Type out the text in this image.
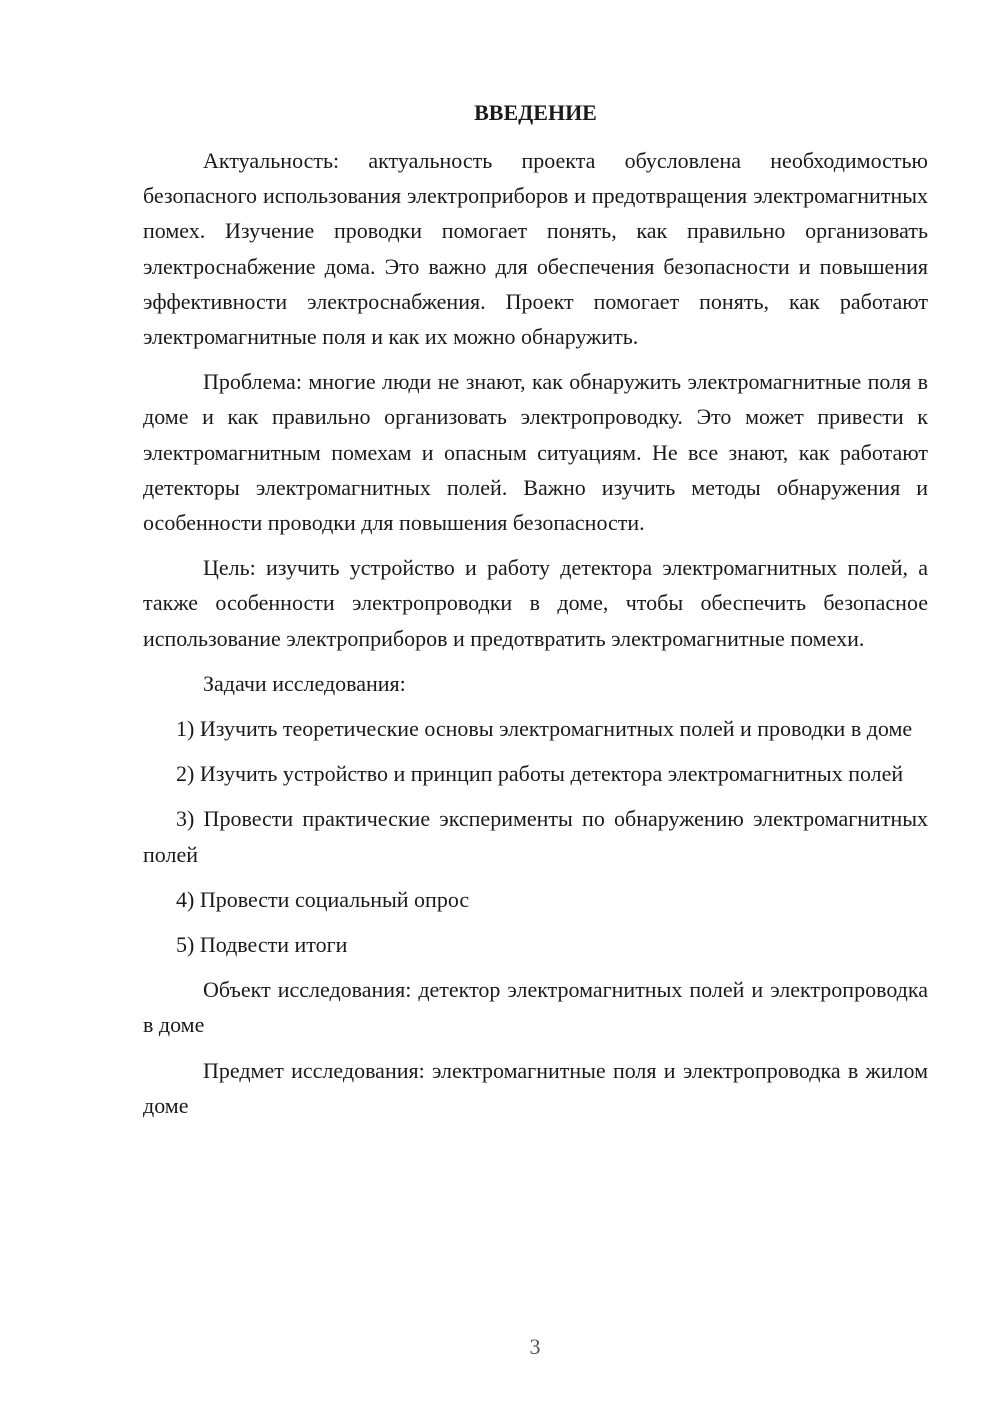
ВВЕДЕНИЕ

Актуальность: актуальность проекта обусловлена необходимостью безопасного использования электроприборов и предотвращения электромагнитных помех. Изучение проводки помогает понять, как правильно организовать электроснабжение дома. Это важно для обеспечения безопасности и повышения эффективности электроснабжения. Проект помогает понять, как работают электромагнитные поля и как их можно обнаружить.

Проблема: многие люди не знают, как обнаружить электромагнитные поля в доме и как правильно организовать электропроводку. Это может привести к электромагнитным помехам и опасным ситуациям. Не все знают, как работают детекторы электромагнитных полей. Важно изучить методы обнаружения и особенности проводки для повышения безопасности.

Цель: изучить устройство и работу детектора электромагнитных полей, а также особенности электропроводки в доме, чтобы обеспечить безопасное использование электроприборов и предотвратить электромагнитные помехи.

Задачи исследования:

1) Изучить теоретические основы электромагнитных полей и проводки в доме

2) Изучить устройство и принцип работы детектора электромагнитных полей

3) Провести практические эксперименты по обнаружению электромагнитных полей

4) Провести социальный опрос

5) Подвести итоги

Объект исследования: детектор электромагнитных полей и электропроводка в доме

Предмет исследования: электромагнитные поля и электропроводка в жилом доме

3
